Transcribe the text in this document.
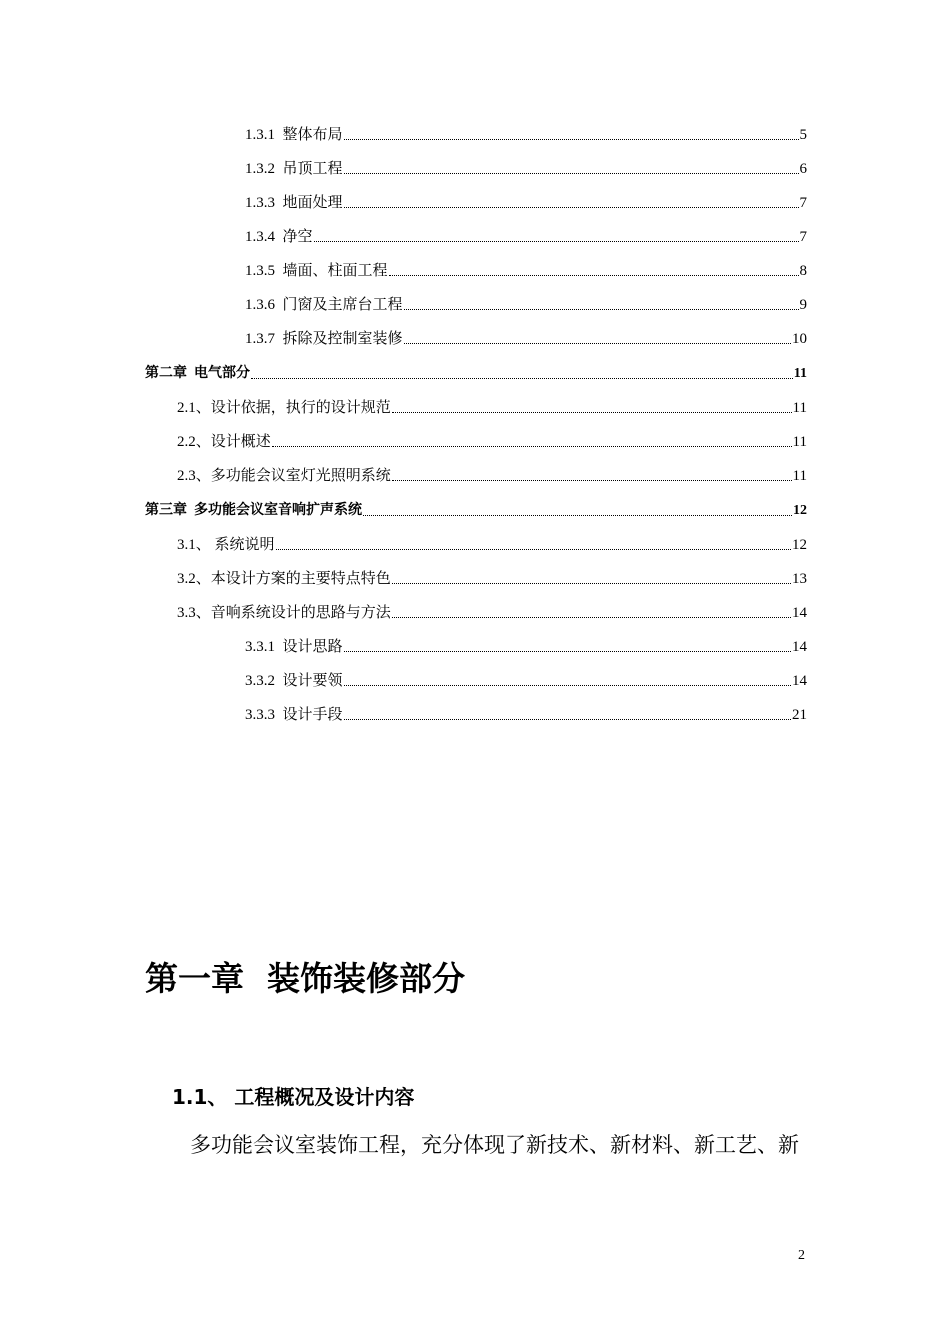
1.3.1  整体布局	5
1.3.2  吊顶工程	6
1.3.3  地面处理	7
1.3.4  净空	7
1.3.5  墙面、柱面工程	8
1.3.6  门窗及主席台工程	9
1.3.7  拆除及控制室装修	10
第二章  电气部分	11
2.1、设计依据，执行的设计规范	11
2.2、设计概述	11
2.3、多功能会议室灯光照明系统	11
第三章  多功能会议室音响扩声系统	12
3.1、 系统说明	12
3.2、本设计方案的主要特点特色	13
3.3、音响系统设计的思路与方法	14
3.3.1  设计思路	14
3.3.2  设计要领	14
3.3.3  设计手段	21
第一章  装饰装修部分
1.1、 工程概况及设计内容

多功能会议室装饰工程，充分体现了新技术、新材料、新工艺、新

2
